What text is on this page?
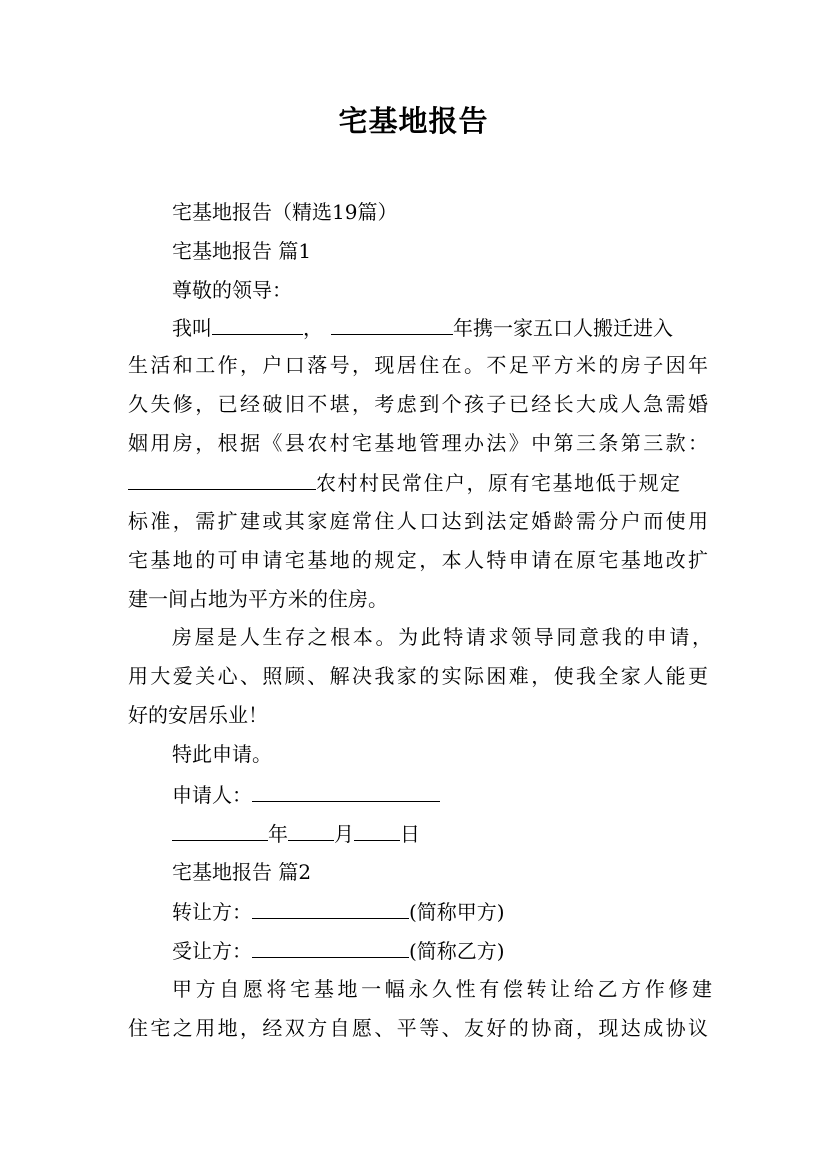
宅基地报告
宅基地报告（精选19篇）
宅基地报告 篇1
尊敬的领导：
我叫	，	年携一家五口人搬迁进入
生活和工作，户口落号，现居住在。不足平方米的房子因年
久失修，已经破旧不堪，考虑到个孩子已经长大成人急需婚
姻用房，根据《县农村宅基地管理办法》中第三条第三款：
农村村民常住户，原有宅基地低于规定
标准，需扩建或其家庭常住人口达到法定婚龄需分户而使用
宅基地的可申请宅基地的规定，本人特申请在原宅基地改扩
建一间占地为平方米的住房。
房屋是人生存之根本。为此特请求领导同意我的申请，
用大爱关心、照顾、解决我家的实际困难，使我全家人能更
好的安居乐业！
特此申请。
申请人：
年 月 日
宅基地报告 篇2
转让方：	(简称甲方)
受让方：	(简称乙方)
甲方自愿将宅基地一幅永久性有偿转让给乙方作修建
住宅之用地，经双方自愿、平等、友好的协商，现达成协议
